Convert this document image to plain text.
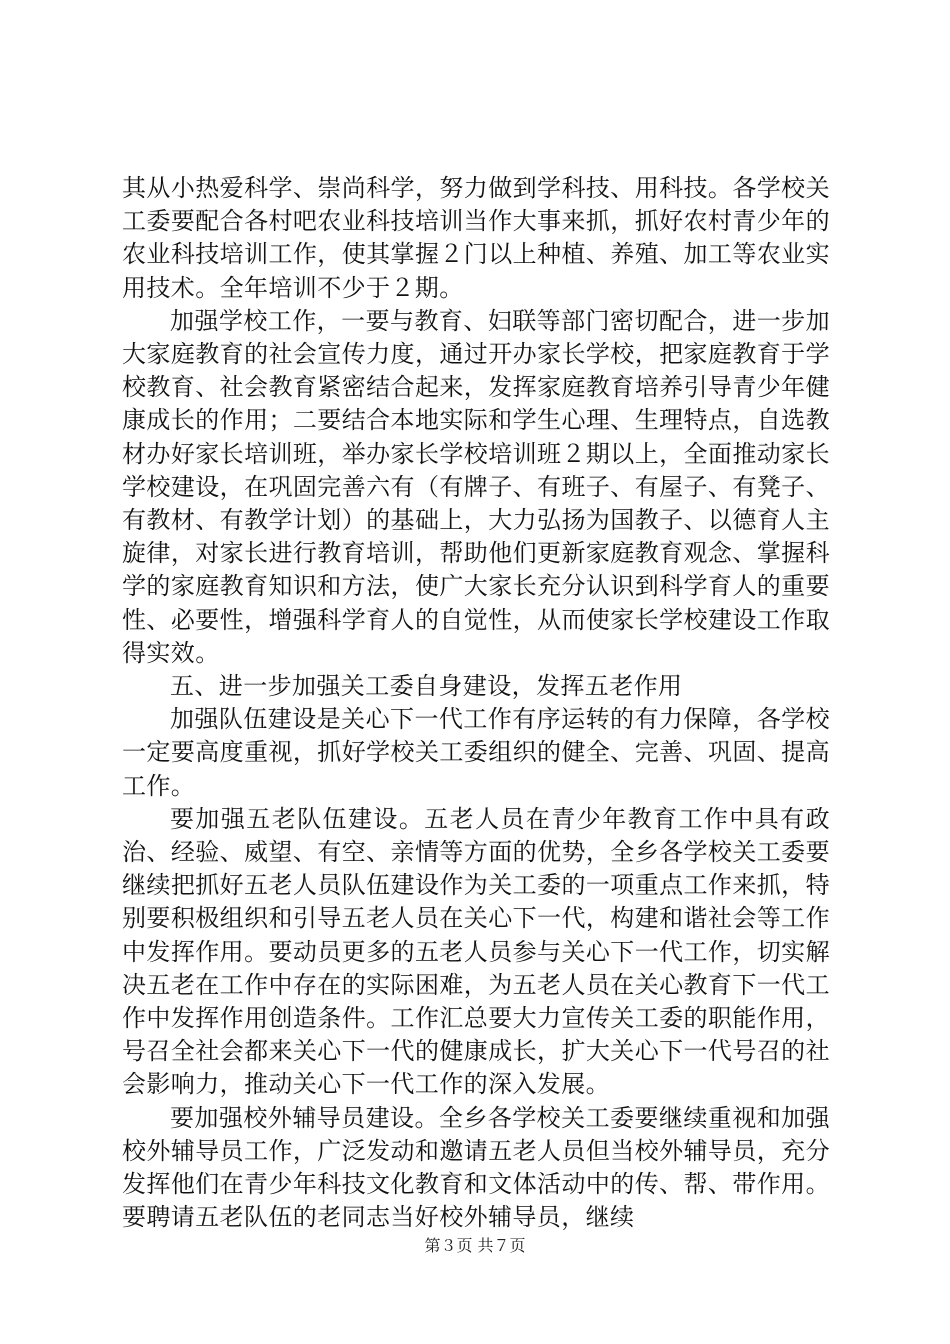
其从小热爱科学、崇尚科学，努力做到学科技、用科技。各学校关工委要配合各村吧农业科技培训当作大事来抓，抓好农村青少年的农业科技培训工作，使其掌握２门以上种植、养殖、加工等农业实用技术。全年培训不少于２期。

加强学校工作，一要与教育、妇联等部门密切配合，进一步加大家庭教育的社会宣传力度，通过开办家长学校，把家庭教育于学校教育、社会教育紧密结合起来，发挥家庭教育培养引导青少年健康成长的作用；二要结合本地实际和学生心理、生理特点，自选教材办好家长培训班，举办家长学校培训班２期以上，全面推动家长学校建设，在巩固完善六有（有牌子、有班子、有屋子、有凳子、有教材、有教学计划）的基础上，大力弘扬为国教子、以德育人主旋律，对家长进行教育培训，帮助他们更新家庭教育观念、掌握科学的家庭教育知识和方法，使广大家长充分认识到科学育人的重要性、必要性，增强科学育人的自觉性，从而使家长学校建设工作取得实效。

五、进一步加强关工委自身建设，发挥五老作用

加强队伍建设是关心下一代工作有序运转的有力保障，各学校一定要高度重视，抓好学校关工委组织的健全、完善、巩固、提高工作。

要加强五老队伍建设。五老人员在青少年教育工作中具有政治、经验、威望、有空、亲情等方面的优势，全乡各学校关工委要继续把抓好五老人员队伍建设作为关工委的一项重点工作来抓，特别要积极组织和引导五老人员在关心下一代，构建和谐社会等工作中发挥作用。要动员更多的五老人员参与关心下一代工作，切实解决五老在工作中存在的实际困难，为五老人员在关心教育下一代工作中发挥作用创造条件。工作汇总要大力宣传关工委的职能作用，号召全社会都来关心下一代的健康成长，扩大关心下一代号召的社会影响力，推动关心下一代工作的深入发展。

要加强校外辅导员建设。全乡各学校关工委要继续重视和加强校外辅导员工作，广泛发动和邀请五老人员但当校外辅导员，充分发挥他们在青少年科技文化教育和文体活动中的传、帮、带作用。要聘请五老队伍的老同志当好校外辅导员，继续

第３页 共７页
